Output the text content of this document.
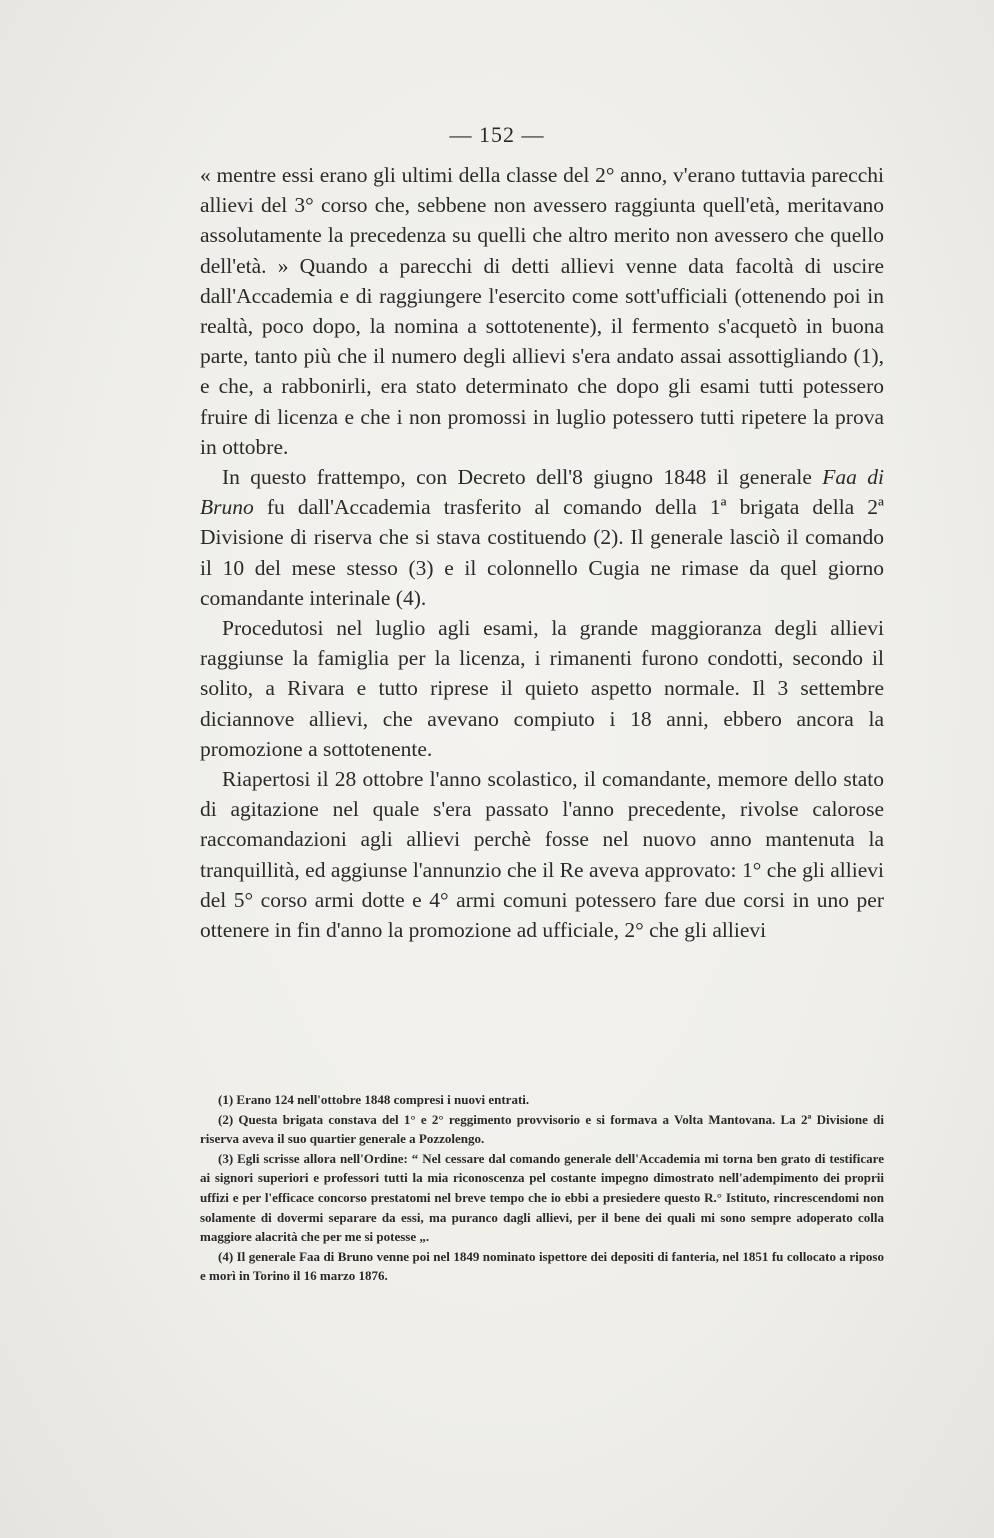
— 152 —

« mentre essi erano gli ultimi della classe del 2° anno, v'erano tuttavia parecchi allievi del 3° corso che, sebbene non avessero raggiunta quell'età, meritavano assolutamente la precedenza su quelli che altro merito non avessero che quello dell'età. » Quando a parecchi di detti allievi venne data facoltà di uscire dall'Accademia e di raggiungere l'esercito come sott'ufficiali (ottenendo poi in realtà, poco dopo, la nomina a sottotenente), il fermento s'acquetò in buona parte, tanto più che il numero degli allievi s'era andato assai assottigliando (1), e che, a rabbonirli, era stato determinato che dopo gli esami tutti potessero fruire di licenza e che i non promossi in luglio potessero tutti ripetere la prova in ottobre.

In questo frattempo, con Decreto dell'8 giugno 1848 il generale Faa di Bruno fu dall'Accademia trasferito al comando della 1ª brigata della 2ª Divisione di riserva che si stava costituendo (2). Il generale lasciò il comando il 10 del mese stesso (3) e il colonnello Cugia ne rimase da quel giorno comandante interinale (4).

Procedutosi nel luglio agli esami, la grande maggioranza degli allievi raggiunse la famiglia per la licenza, i rimanenti furono condotti, secondo il solito, a Rivara e tutto riprese il quieto aspetto normale. Il 3 settembre diciannove allievi, che avevano compiuto i 18 anni, ebbero ancora la promozione a sottotenente.

Riapertosi il 28 ottobre l'anno scolastico, il comandante, memore dello stato di agitazione nel quale s'era passato l'anno precedente, rivolse calorose raccomandazioni agli allievi perchè fosse nel nuovo anno mantenuta la tranquillità, ed aggiunse l'annunzio che il Re aveva approvato: 1° che gli allievi del 5° corso armi dotte e 4° armi comuni potessero fare due corsi in uno per ottenere in fin d'anno la promozione ad ufficiale, 2° che gli allievi

(1) Erano 124 nell'ottobre 1848 compresi i nuovi entrati.

(2) Questa brigata constava del 1° e 2° reggimento provvisorio e si formava a Volta Mantovana. La 2ª Divisione di riserva aveva il suo quartier generale a Pozzolengo.

(3) Egli scrisse allora nell'Ordine: “ Nel cessare dal comando generale dell'Accademia mi torna ben grato di testificare ai signori superiori e professori tutti la mia riconoscenza pel costante impegno dimostrato nell'adempimento dei proprii uffizi e per l'efficace concorso prestatomi nel breve tempo che io ebbi a presiedere questo R.° Istituto, rincrescendomi non solamente di dovermi separare da essi, ma puranco dagli allievi, per il bene dei quali mi sono sempre adoperato colla maggiore alacrità che per me si potesse „.

(4) Il generale Faa di Bruno venne poi nel 1849 nominato ispettore dei depositi di fanteria, nel 1851 fu collocato a riposo e morì in Torino il 16 marzo 1876.
